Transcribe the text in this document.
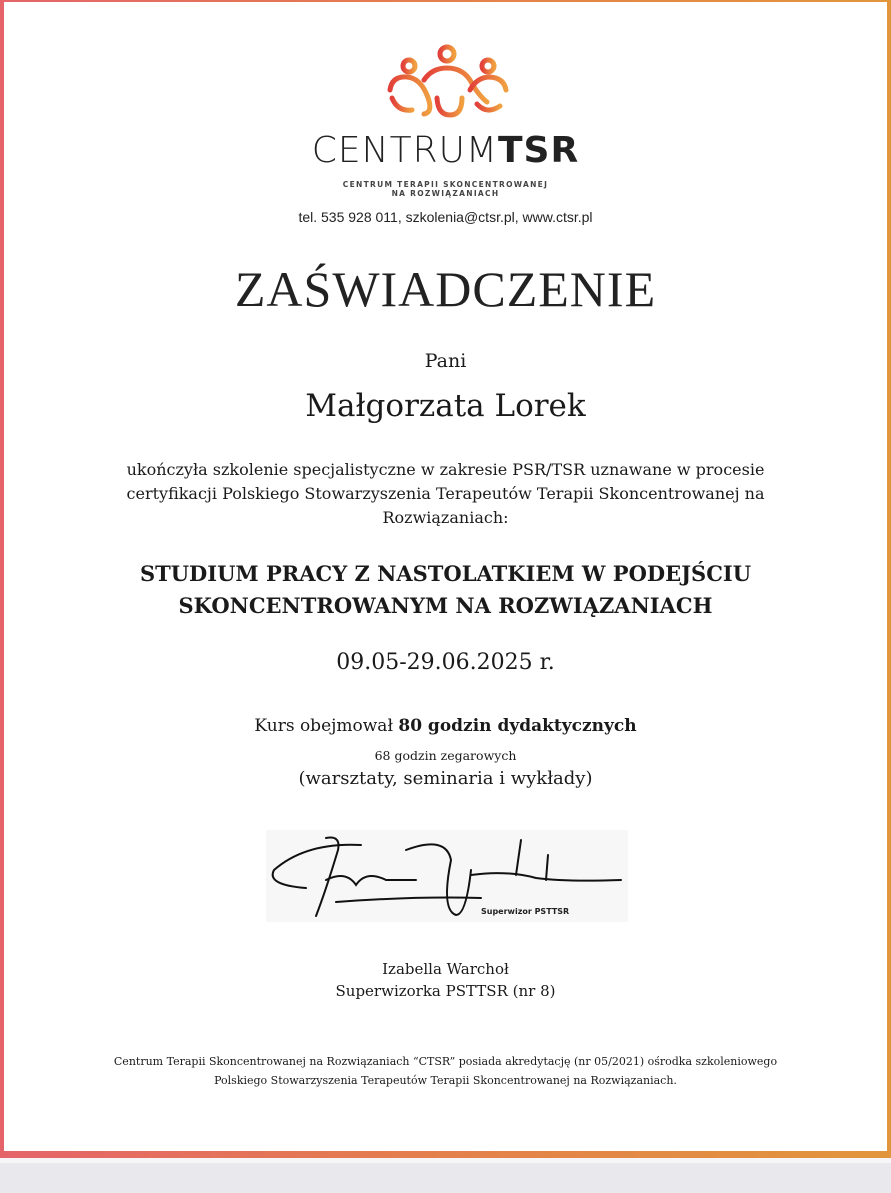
CENTRUMTSR
CENTRUM TERAPII SKONCENTROWANEJ
NA ROZWIĄZANIACH
tel. 535 928 011, szkolenia@ctsr.pl, www.ctsr.pl
ZAŚWIADCZENIE
Pani
Małgorzata Lorek
ukończyła szkolenie specjalistyczne w zakresie PSR/TSR uznawane w procesie certyfikacji Polskiego Stowarzyszenia Terapeutów Terapii Skoncentrowanej na Rozwiązaniach:
STUDIUM PRACY Z NASTOLATKIEM W PODEJŚCIU
SKONCENTROWANYM NA ROZWIĄZANIACH
09.05-29.06.2025 r.
Kurs obejmował 80 godzin dydaktycznych
68 godzin zegarowych
(warsztaty, seminaria i wykłady)
Superwizor PSTTSR
Izabella Warchoł
Superwizorka PSTTSR (nr 8)
Centrum Terapii Skoncentrowanej na Rozwiązaniach “CTSR” posiada akredytację (nr 05/2021) ośrodka szkoleniowego
Polskiego Stowarzyszenia Terapeutów Terapii Skoncentrowanej na Rozwiązaniach.
